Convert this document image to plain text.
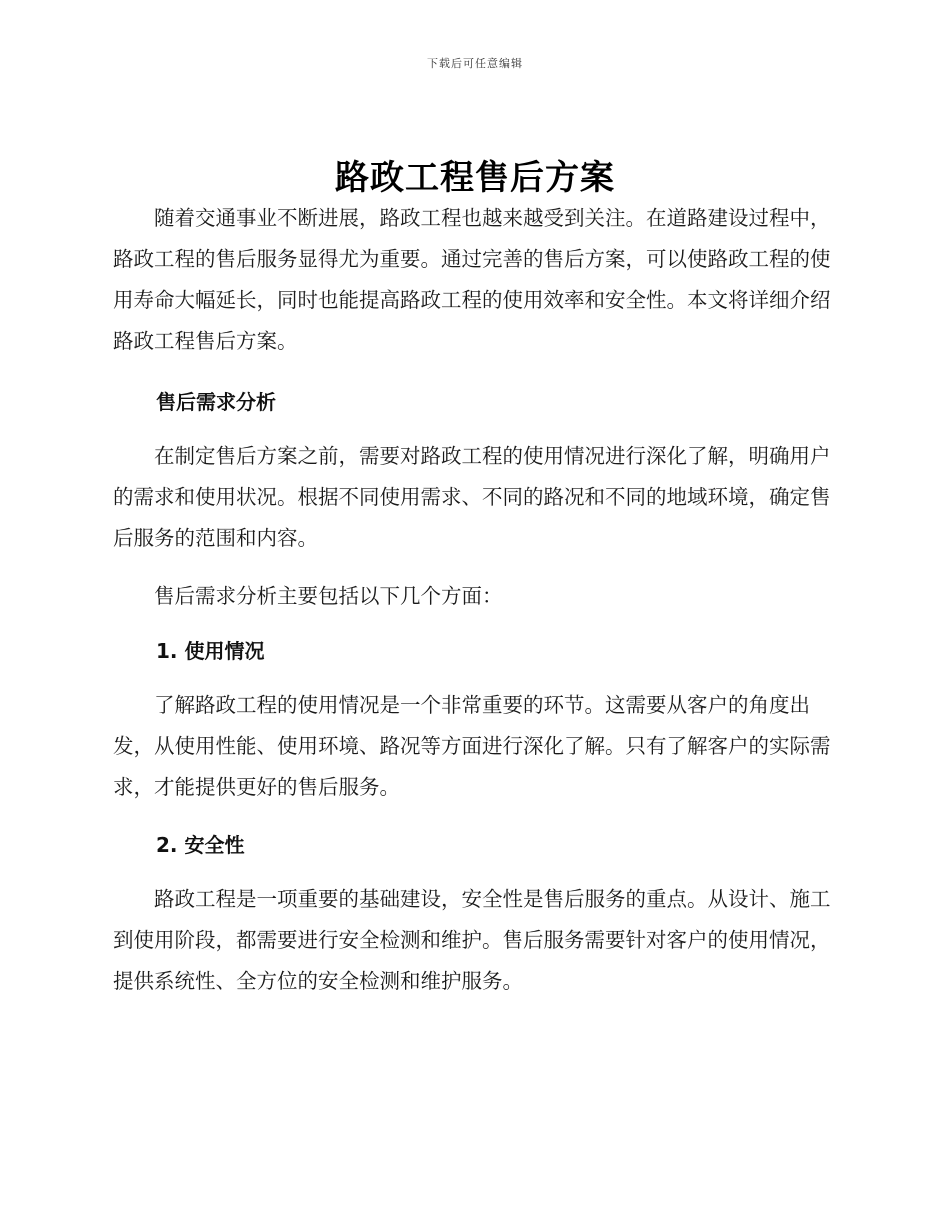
下载后可任意编辑
路政工程售后方案

随着交通事业不断进展，路政工程也越来越受到关注。在道路建设过程中，路政工程的售后服务显得尤为重要。通过完善的售后方案，可以使路政工程的使用寿命大幅延长，同时也能提高路政工程的使用效率和安全性。本文将详细介绍路政工程售后方案。

售后需求分析

在制定售后方案之前，需要对路政工程的使用情况进行深化了解，明确用户的需求和使用状况。根据不同使用需求、不同的路况和不同的地域环境，确定售后服务的范围和内容。

售后需求分析主要包括以下几个方面：

1. 使用情况

了解路政工程的使用情况是一个非常重要的环节。这需要从客户的角度出发，从使用性能、使用环境、路况等方面进行深化了解。只有了解客户的实际需求，才能提供更好的售后服务。

2. 安全性

路政工程是一项重要的基础建设，安全性是售后服务的重点。从设计、施工到使用阶段，都需要进行安全检测和维护。售后服务需要针对客户的使用情况，提供系统性、全方位的安全检测和维护服务。
